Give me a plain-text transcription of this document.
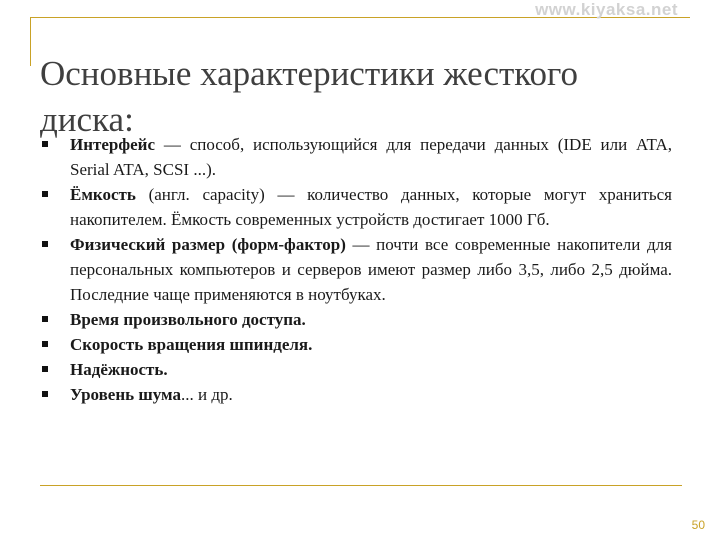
www.kiyaksa.net
Основные характеристики жесткого диска:
Интерфейс — способ, использующийся для передачи данных (IDE или ATA, Serial ATA, SCSI ...).
Ёмкость (англ. capacity) — количество данных, которые могут храниться накопителем. Ёмкость современных устройств достигает 1000 Гб.
Физический размер (форм-фактор) — почти все современные накопители для персональных компьютеров и серверов имеют размер либо 3,5, либо 2,5 дюйма. Последние чаще применяются в ноутбуках.
Время произвольного доступа.
Скорость вращения шпинделя.
Надёжность.
Уровень шума... и др.
50
